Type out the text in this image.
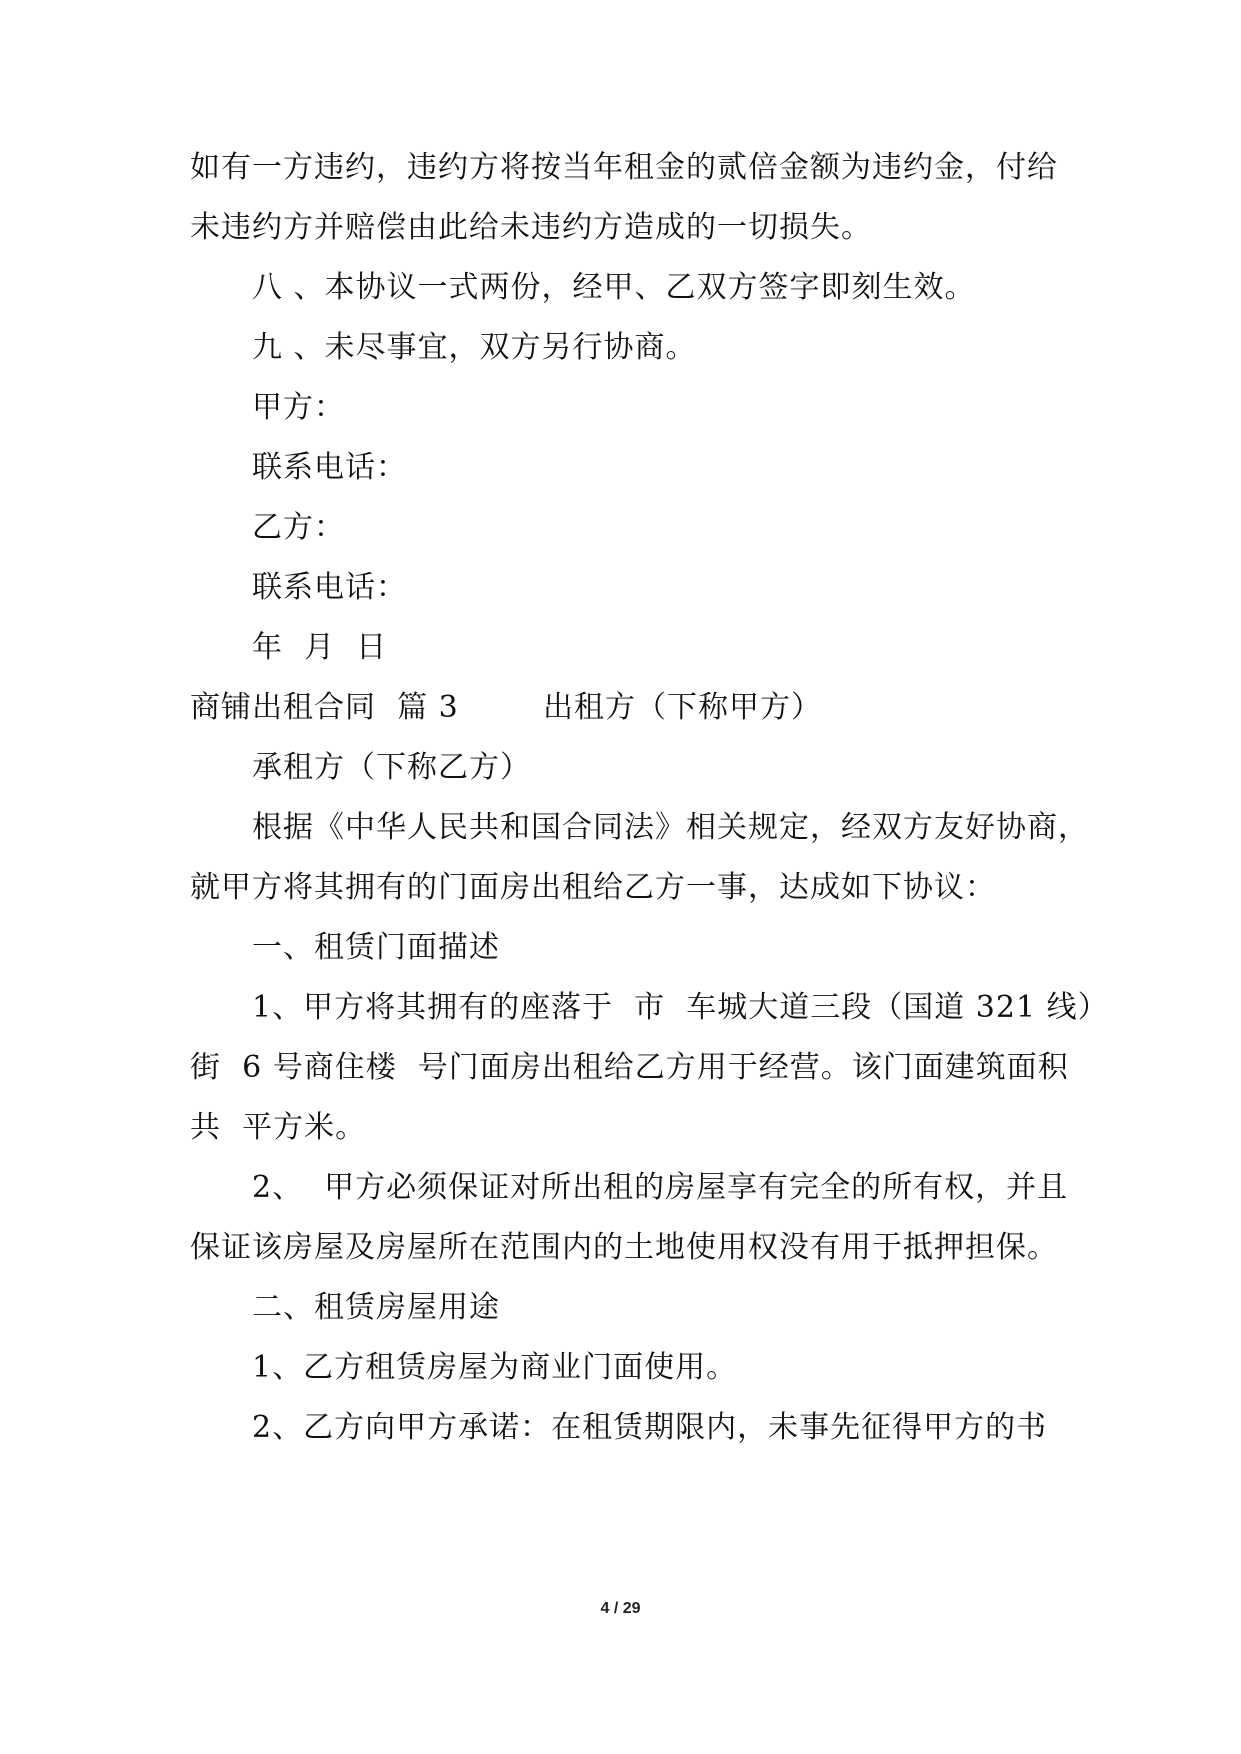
如有一方违约，违约方将按当年租金的贰倍金额为违约金，付给
未违约方并赔偿由此给未违约方造成的一切损失。
八 、本协议一式两份，经甲、乙双方签字即刻生效。
九 、未尽事宜，双方另行协商。
甲方：
联系电话：
乙方：
联系电话：
年  月  日
商铺出租合同  篇 3        出租方（下称甲方）
承租方（下称乙方）
根据《中华人民共和国合同法》相关规定，经双方友好协商，
就甲方将其拥有的门面房出租给乙方一事，达成如下协议：
一、租赁门面描述
1、甲方将其拥有的座落于  市  车城大道三段（国道 321 线）
街  6 号商住楼  号门面房出租给乙方用于经营。该门面建筑面积
共  平方米。
2、  甲方必须保证对所出租的房屋享有完全的所有权，并且
保证该房屋及房屋所在范围内的土地使用权没有用于抵押担保。
二、租赁房屋用途
1、乙方租赁房屋为商业门面使用。
2、乙方向甲方承诺：在租赁期限内，未事先征得甲方的书
4 / 29
